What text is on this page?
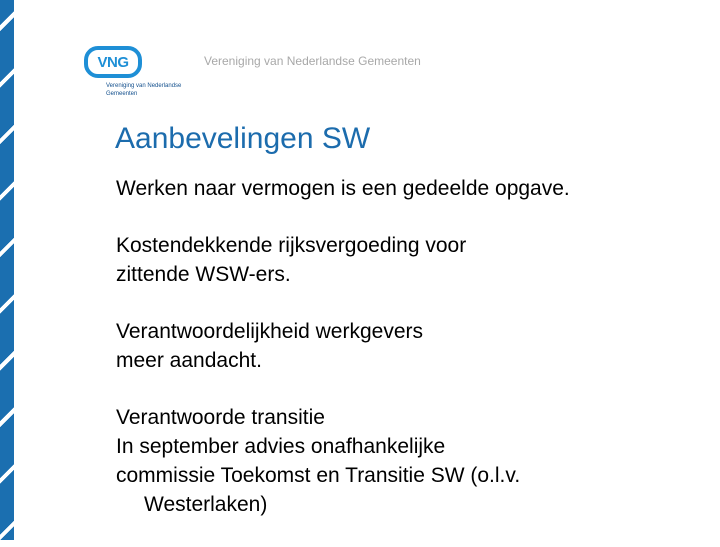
VNG
Vereniging van Nederlandse Gemeenten
Vereniging van Nederlandse Gemeenten
Aanbevelingen SW

Werken naar vermogen is een gedeelde opgave.

Kostendekkende rijksvergoeding voor
zittende WSW-ers.

Verantwoordelijkheid werkgevers
meer aandacht.

Verantwoorde transitie
In september advies onafhankelijke
commissie Toekomst en Transitie SW (o.l.v.
Westerlaken)
